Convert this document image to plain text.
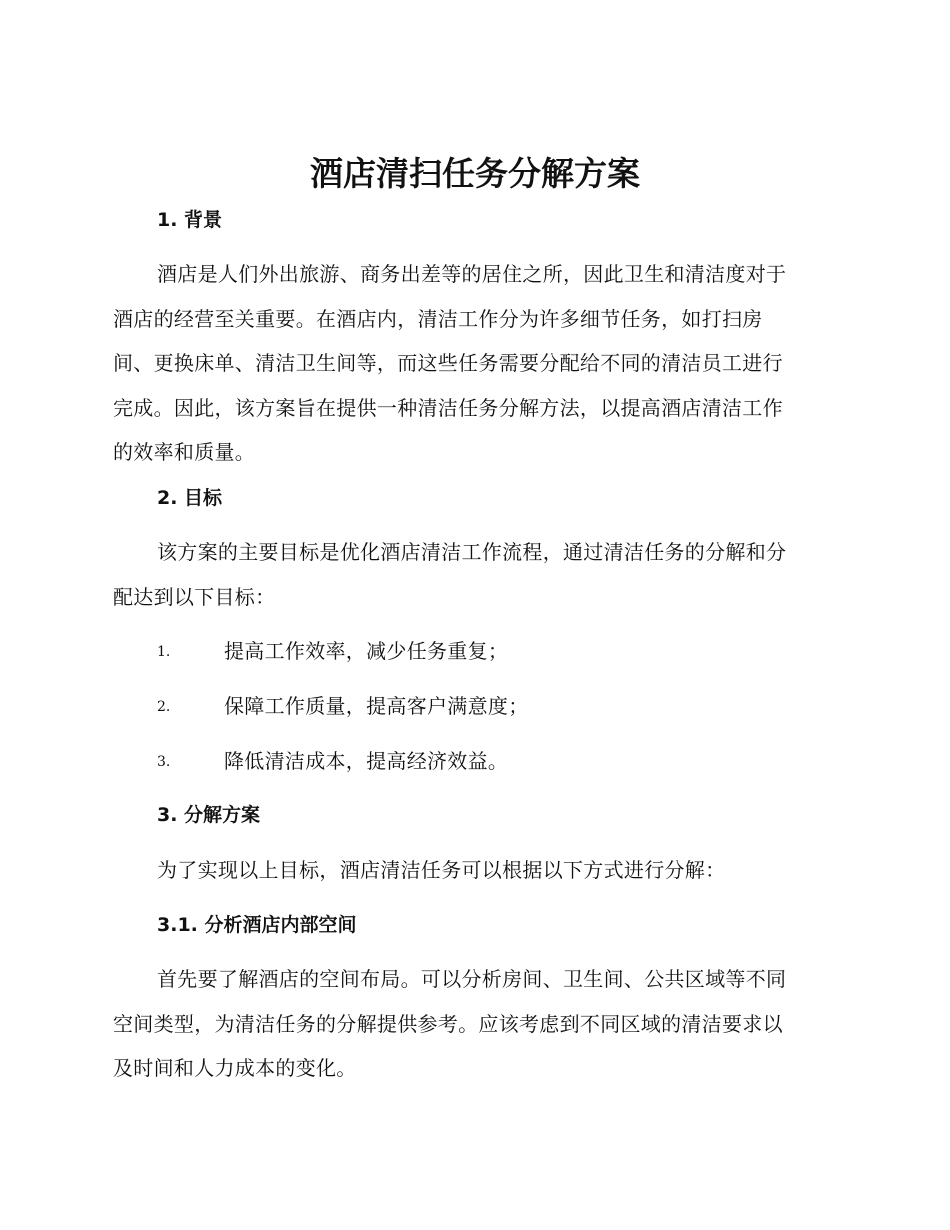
酒店清扫任务分解方案
1. 背景
酒店是人们外出旅游、商务出差等的居住之所，因此卫生和清洁度对于
酒店的经营至关重要。在酒店内，清洁工作分为许多细节任务，如打扫房
间、更换床单、清洁卫生间等，而这些任务需要分配给不同的清洁员工进行
完成。因此，该方案旨在提供一种清洁任务分解方法，以提高酒店清洁工作
的效率和质量。
2. 目标
该方案的主要目标是优化酒店清洁工作流程，通过清洁任务的分解和分
配达到以下目标：
1.	提高工作效率，减少任务重复；
2.	保障工作质量，提高客户满意度；
3.	降低清洁成本，提高经济效益。
3. 分解方案
为了实现以上目标，酒店清洁任务可以根据以下方式进行分解：
3.1. 分析酒店内部空间
首先要了解酒店的空间布局。可以分析房间、卫生间、公共区域等不同
空间类型，为清洁任务的分解提供参考。应该考虑到不同区域的清洁要求以
及时间和人力成本的变化。
